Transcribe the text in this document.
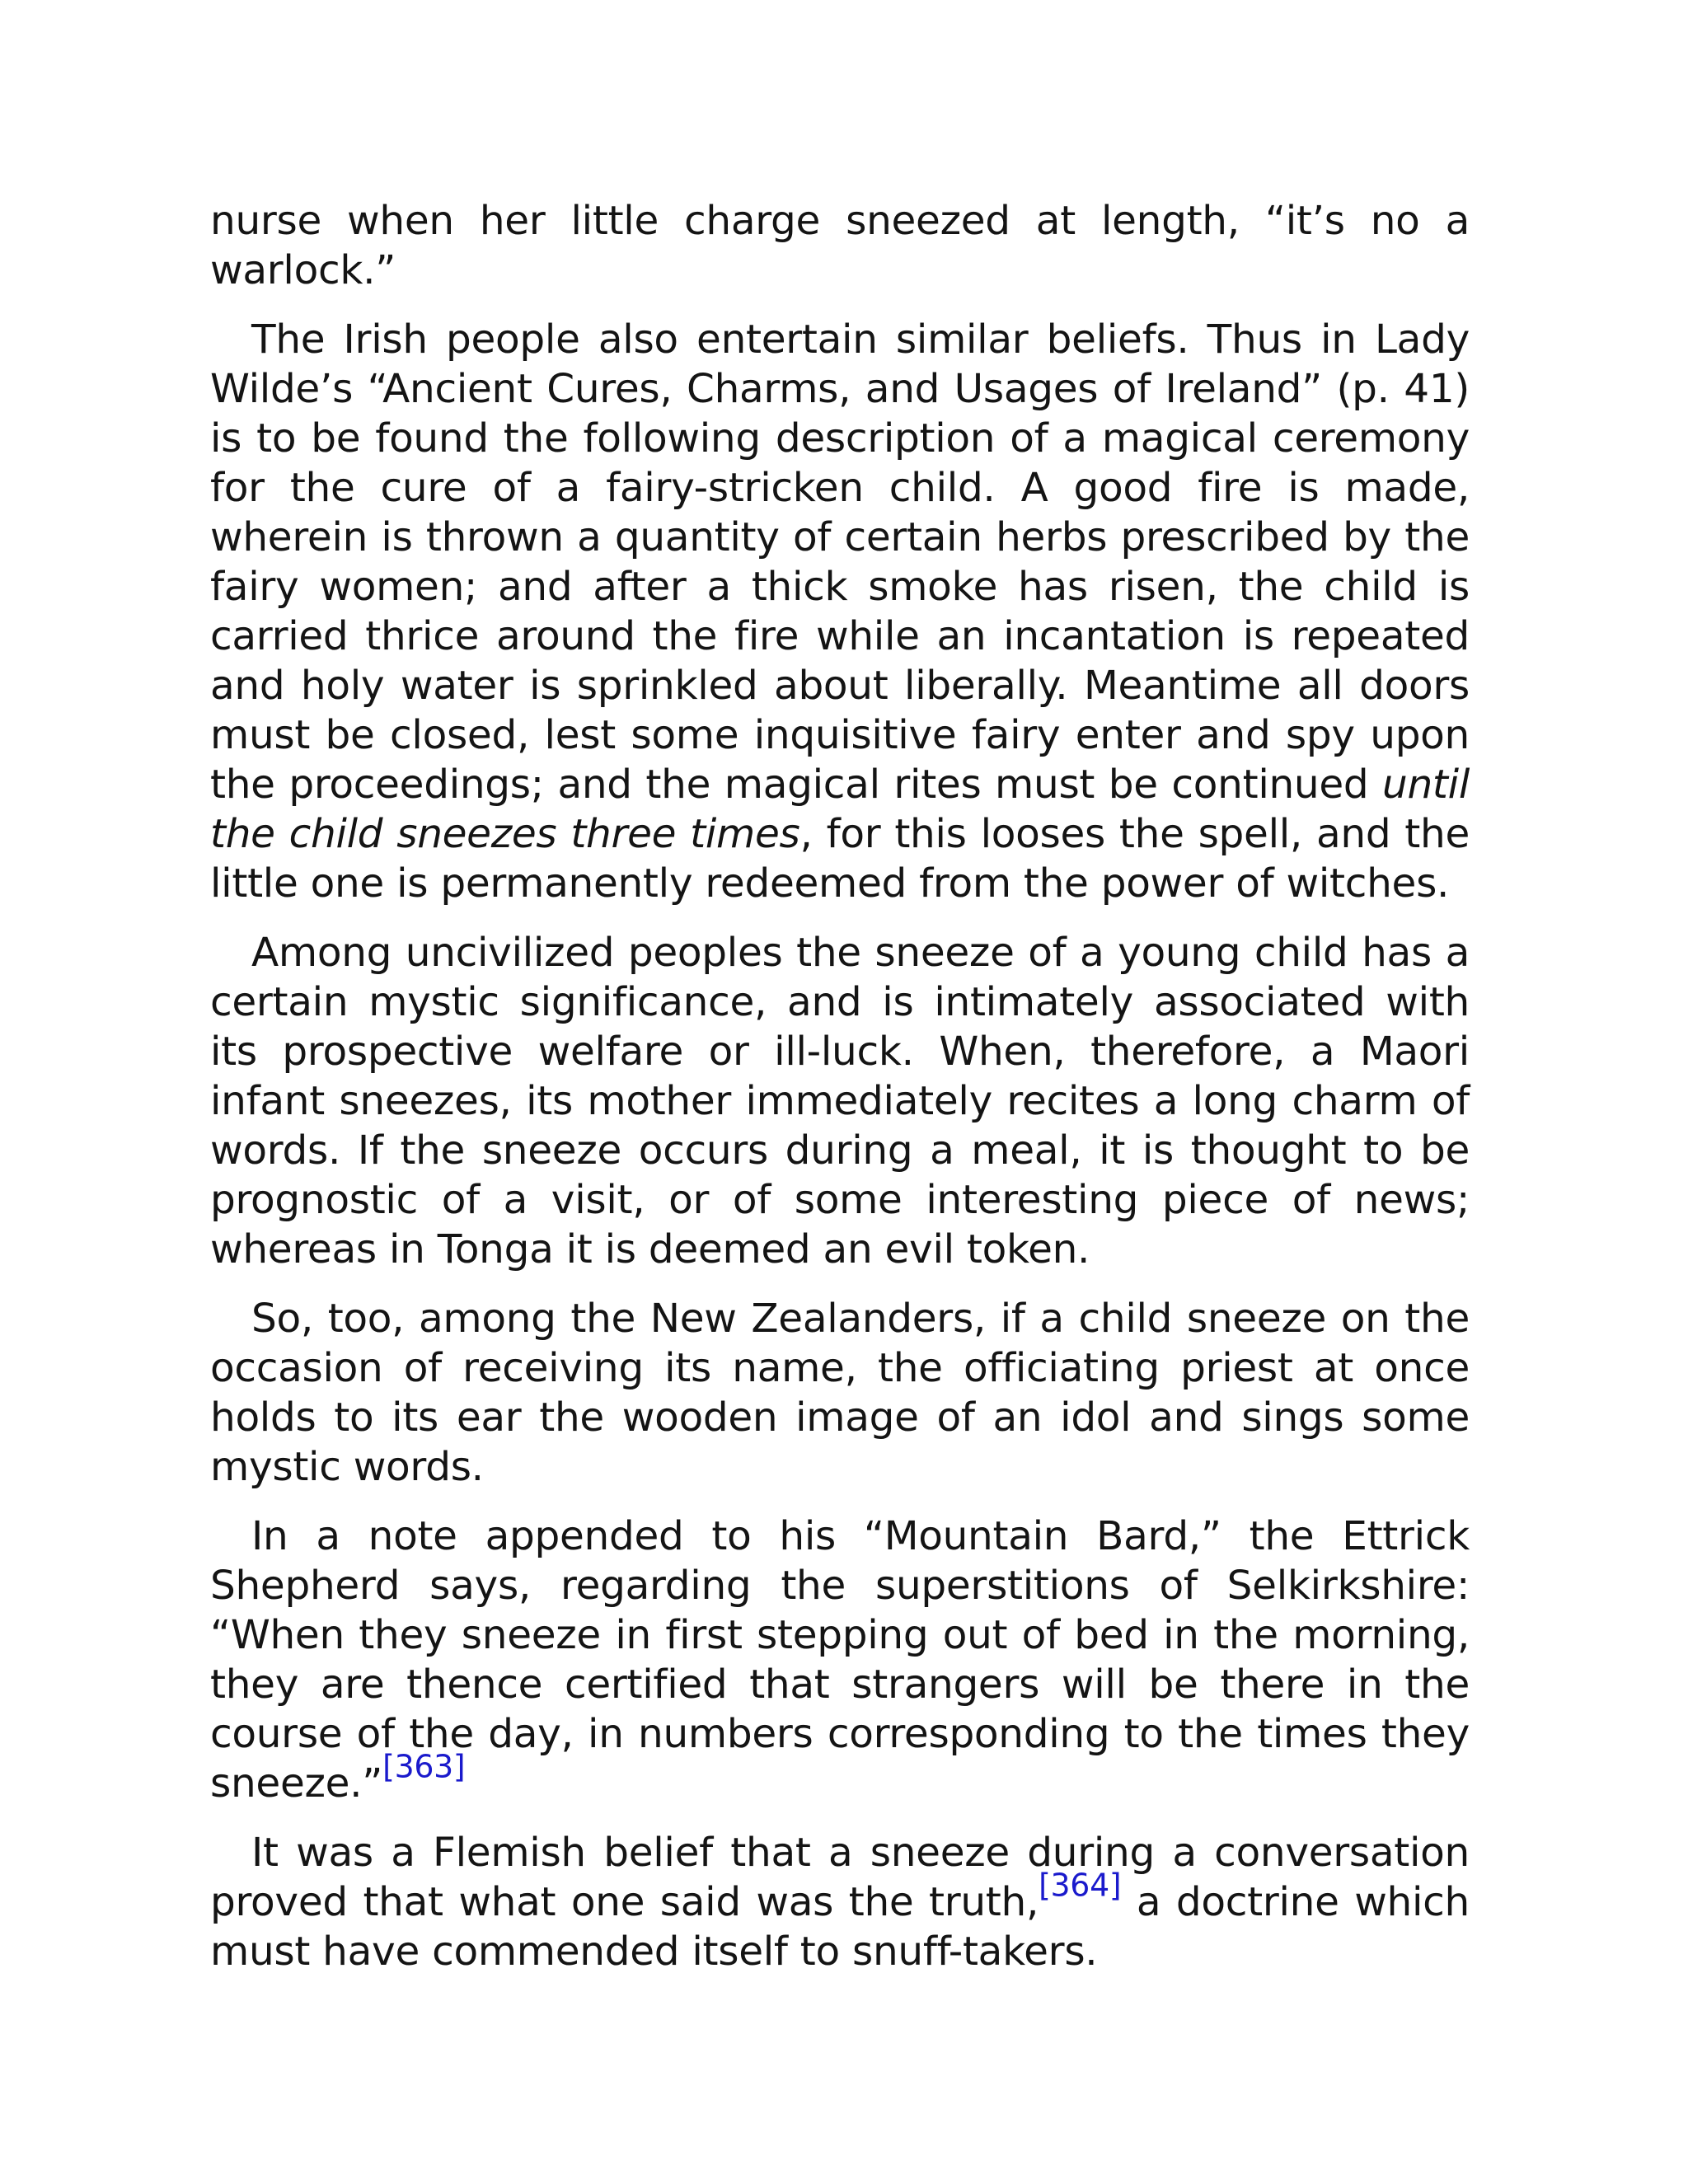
nurse when her little charge sneezed at length, “it’s no a warlock.”

The Irish people also entertain similar beliefs. Thus in Lady Wilde’s “Ancient Cures, Charms, and Usages of Ireland” (p. 41) is to be found the following description of a magical ceremony for the cure of a fairy-stricken child. A good fire is made, wherein is thrown a quantity of certain herbs prescribed by the fairy women; and after a thick smoke has risen, the child is carried thrice around the fire while an incantation is repeated and holy water is sprinkled about liberally. Meantime all doors must be closed, lest some inquisitive fairy enter and spy upon the proceedings; and the magical rites must be continued until the child sneezes three times, for this looses the spell, and the little one is permanently redeemed from the power of witches.

Among uncivilized peoples the sneeze of a young child has a certain mystic significance, and is intimately associated with its prospective welfare or ill-luck. When, therefore, a Maori infant sneezes, its mother immediately recites a long charm of words. If the sneeze occurs during a meal, it is thought to be prognostic of a visit, or of some interesting piece of news; whereas in Tonga it is deemed an evil token.

So, too, among the New Zealanders, if a child sneeze on the occasion of receiving its name, the officiating priest at once holds to its ear the wooden image of an idol and sings some mystic words.

In a note appended to his “Mountain Bard,” the Ettrick Shepherd says, regarding the superstitions of Selkirkshire: “When they sneeze in first stepping out of bed in the morning, they are thence certified that strangers will be there in the course of the day, in numbers corresponding to the times they sneeze.”[363]

It was a Flemish belief that a sneeze during a conversation proved that what one said was the truth,[364] a doctrine which must have commended itself to snuff-takers.
